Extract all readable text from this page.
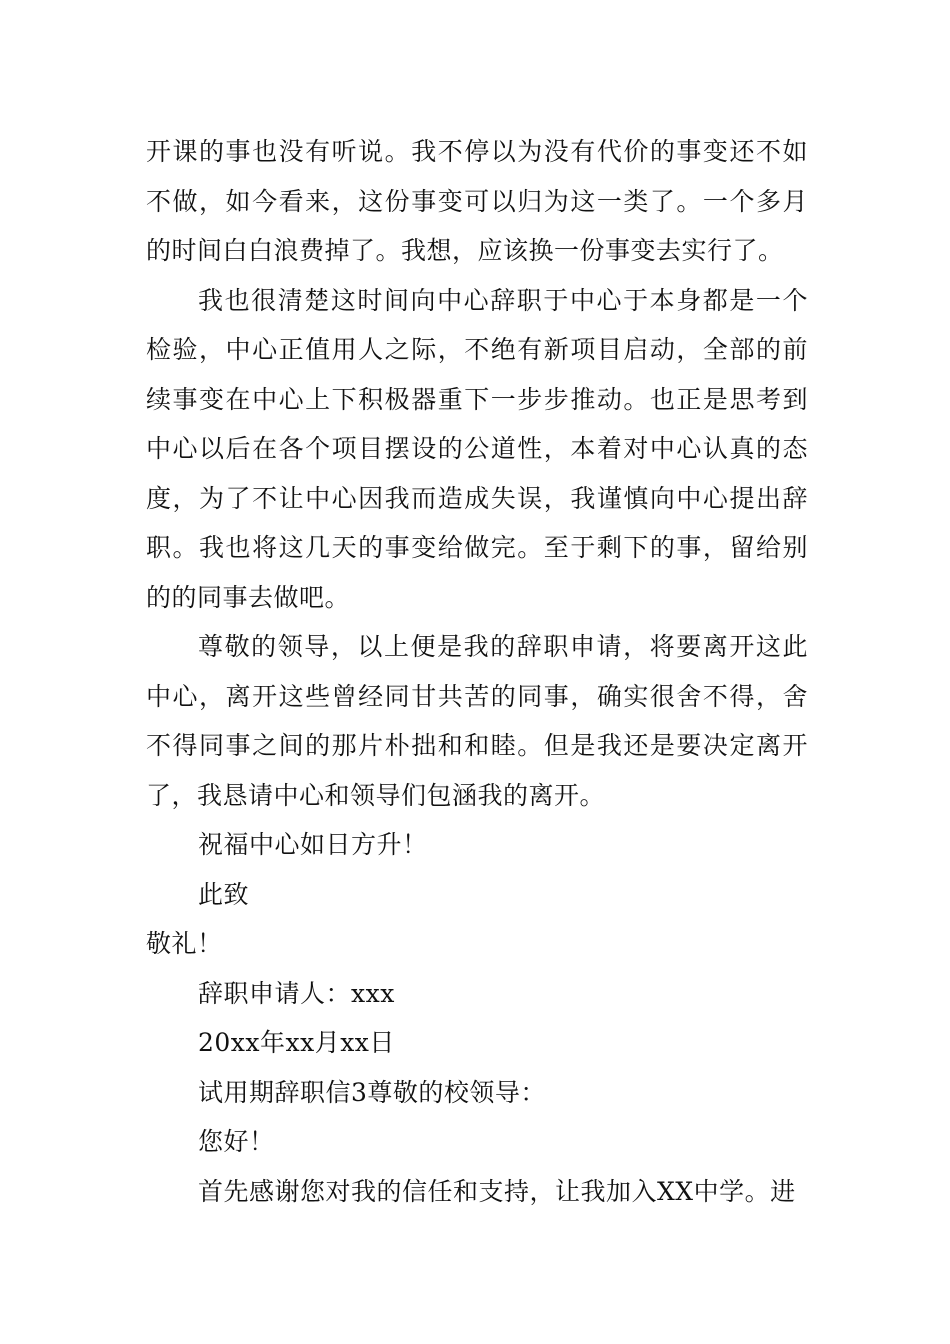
开课的事也没有听说。我不停以为没有代价的事变还不如不做，如今看来，这份事变可以归为这一类了。一个多月的时间白白浪费掉了。我想，应该换一份事变去实行了。

我也很清楚这时间向中心辞职于中心于本身都是一个检验，中心正值用人之际，不绝有新项目启动，全部的前续事变在中心上下积极器重下一步步推动。也正是思考到中心以后在各个项目摆设的公道性，本着对中心认真的态度，为了不让中心因我而造成失误，我谨慎向中心提出辞职。我也将这几天的事变给做完。至于剩下的事，留给别的的同事去做吧。

尊敬的领导，以上便是我的辞职申请，将要离开这此中心，离开这些曾经同甘共苦的同事，确实很舍不得，舍不得同事之间的那片朴拙和和睦。但是我还是要决定离开了，我恳请中心和领导们包涵我的离开。

祝福中心如日方升！

此致

敬礼！

辞职申请人：xxx

20xx年xx月xx日

试用期辞职信3尊敬的校领导：

您好！

首先感谢您对我的信任和支持，让我加入XX中学。进
